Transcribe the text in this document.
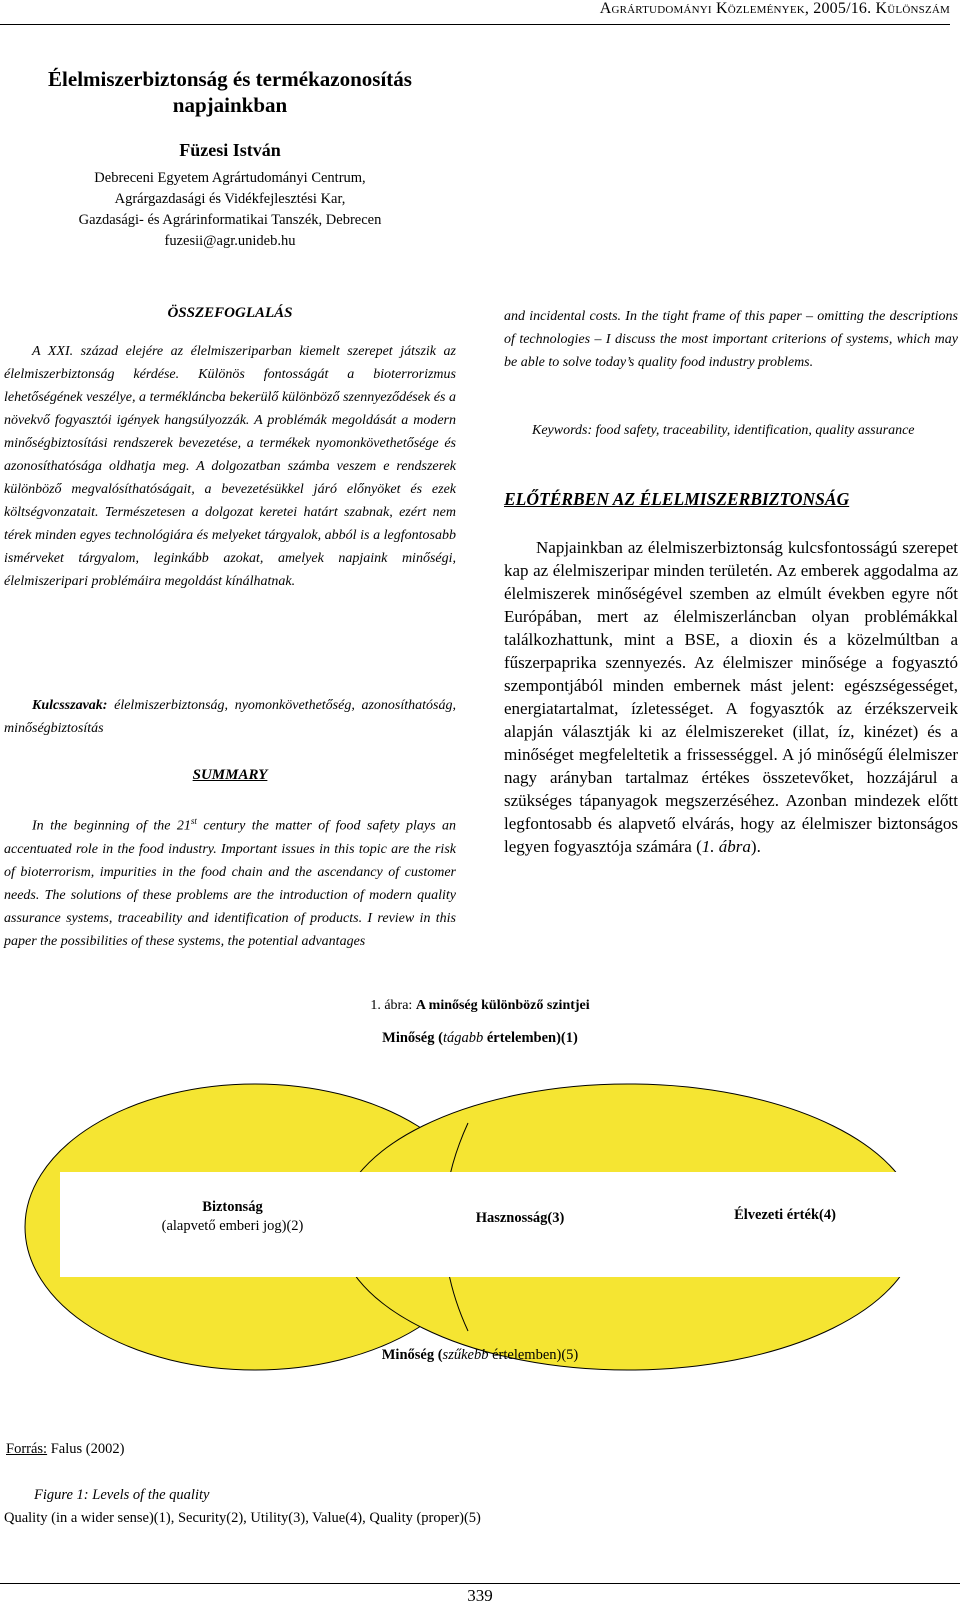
Agrártudományi Közlemények, 2005/16. Különszám
Élelmiszerbiztonság és termékazonosítás napjainkban
Füzesi István
Debreceni Egyetem Agrártudományi Centrum,
Agrárgazdasági és Vidékfejlesztési Kar,
Gazdasági- és Agrárinformatikai Tanszék, Debrecen
fuzesii@agr.unideb.hu
ÖSSZEFOGLALÁS
A XXI. század elejére az élelmiszeriparban kiemelt szerepet játszik az élelmiszerbiztonság kérdése. Különös fontosságát a bioterrorizmus lehetőségének veszélye, a termékláncba bekerülő különböző szennyeződések és a növekvő fogyasztói igények hangsúlyozzák. A problémák megoldását a modern minőségbiztosítási rendszerek bevezetése, a termékek nyomonkövethetősége és azonosíthatósága oldhatja meg. A dolgozatban számba veszem e rendszerek különböző megvalósíthatóságait, a bevezetésükkel járó előnyöket és ezek költségvonzatait. Természetesen a dolgozat keretei határt szabnak, ezért nem térek minden egyes technológiára és melyeket tárgyalok, abból is a legfontosabb ismérveket tárgyalom, leginkább azokat, amelyek napjaink minőségi, élelmiszeripari problémáira megoldást kínálhatnak.
Kulcsszavak: élelmiszerbiztonság, nyomonkövethetőség, azonosíthatóság, minőségbiztosítás
SUMMARY
In the beginning of the 21st century the matter of food safety plays an accentuated role in the food industry. Important issues in this topic are the risk of bioterrorism, impurities in the food chain and the ascendancy of customer needs. The solutions of these problems are the introduction of modern quality assurance systems, traceability and identification of products. I review in this paper the possibilities of these systems, the potential advantages
and incidental costs. In the tight frame of this paper – omitting the descriptions of technologies – I discuss the most important criterions of systems, which may be able to solve today’s quality food industry problems.
Keywords: food safety, traceability, identification, quality assurance
ELŐTÉRBEN AZ ÉLELMISZERBIZTONSÁG
Napjainkban az élelmiszerbiztonság kulcsfontosságú szerepet kap az élelmiszeripar minden területén. Az emberek aggodalma az élelmiszerek minőségével szemben az elmúlt években egyre nőt Európában, mert az élelmiszerláncban olyan problémákkal találkozhattunk, mint a BSE, a dioxin és a közelmúltban a fűszerpaprika szennyezés. Az élelmiszer minősége a fogyasztó szempontjából minden embernek mást jelent: egészségességet, energiatartalmat, ízletességet. A fogyasztók az érzékszerveik alapján választják ki az élelmiszereket (illat, íz, kinézet) és a minőséget megfeleltetik a frissességgel. A jó minőségű élelmiszer nagy arányban tartalmaz értékes összetevőket, hozzájárul a szükséges tápanyagok megszerzéséhez. Azonban mindezek előtt legfontosabb és alapvető elvárás, hogy az élelmiszer biztonságos legyen fogyasztója számára (1. ábra).
1. ábra: A minőség különböző szintjei
Minőség (tágabb értelemben)(1)
Biztonság
(alapvető emberi jog)(2)	Hasznosság(3)	Élvezeti érték(4)
Minőség (szűkebb értelemben)(5)
Forrás: Falus (2002)
Figure 1: Levels of the quality
Quality (in a wider sense)(1), Security(2), Utility(3), Value(4), Quality (proper)(5)
339
